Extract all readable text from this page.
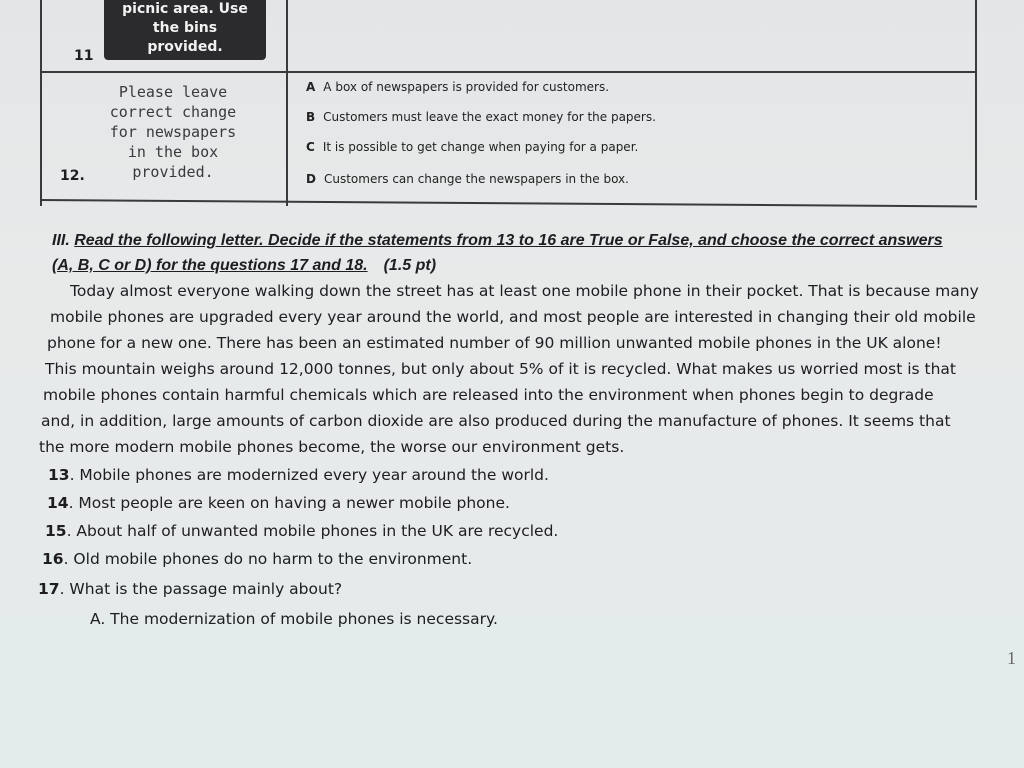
11
picnic area. Use
the bins
provided.
12.
Please leave
correct change
for newspapers
in the box
provided.
A A box of newspapers is provided for customers.
B Customers must leave the exact money for the papers.
C It is possible to get change when paying for a paper.
D Customers can change the newspapers in the box.
III. Read the following letter. Decide if the statements from 13 to 16 are True or False, and choose the correct answers
(A, B, C or D) for the questions 17 and 18. (1.5 pt)
Today almost everyone walking down the street has at least one mobile phone in their pocket. That is because many
mobile phones are upgraded every year around the world, and most people are interested in changing their old mobile
phone for a new one. There has been an estimated number of 90 million unwanted mobile phones in the UK alone!
This mountain weighs around 12,000 tonnes, but only about 5% of it is recycled. What makes us worried most is that
mobile phones contain harmful chemicals which are released into the environment when phones begin to degrade
and, in addition, large amounts of carbon dioxide are also produced during the manufacture of phones. It seems that
the more modern mobile phones become, the worse our environment gets.
13. Mobile phones are modernized every year around the world.
14. Most people are keen on having a newer mobile phone.
15. About half of unwanted mobile phones in the UK are recycled.
16. Old mobile phones do no harm to the environment.
17. What is the passage mainly about?
A. The modernization of mobile phones is necessary.
1
